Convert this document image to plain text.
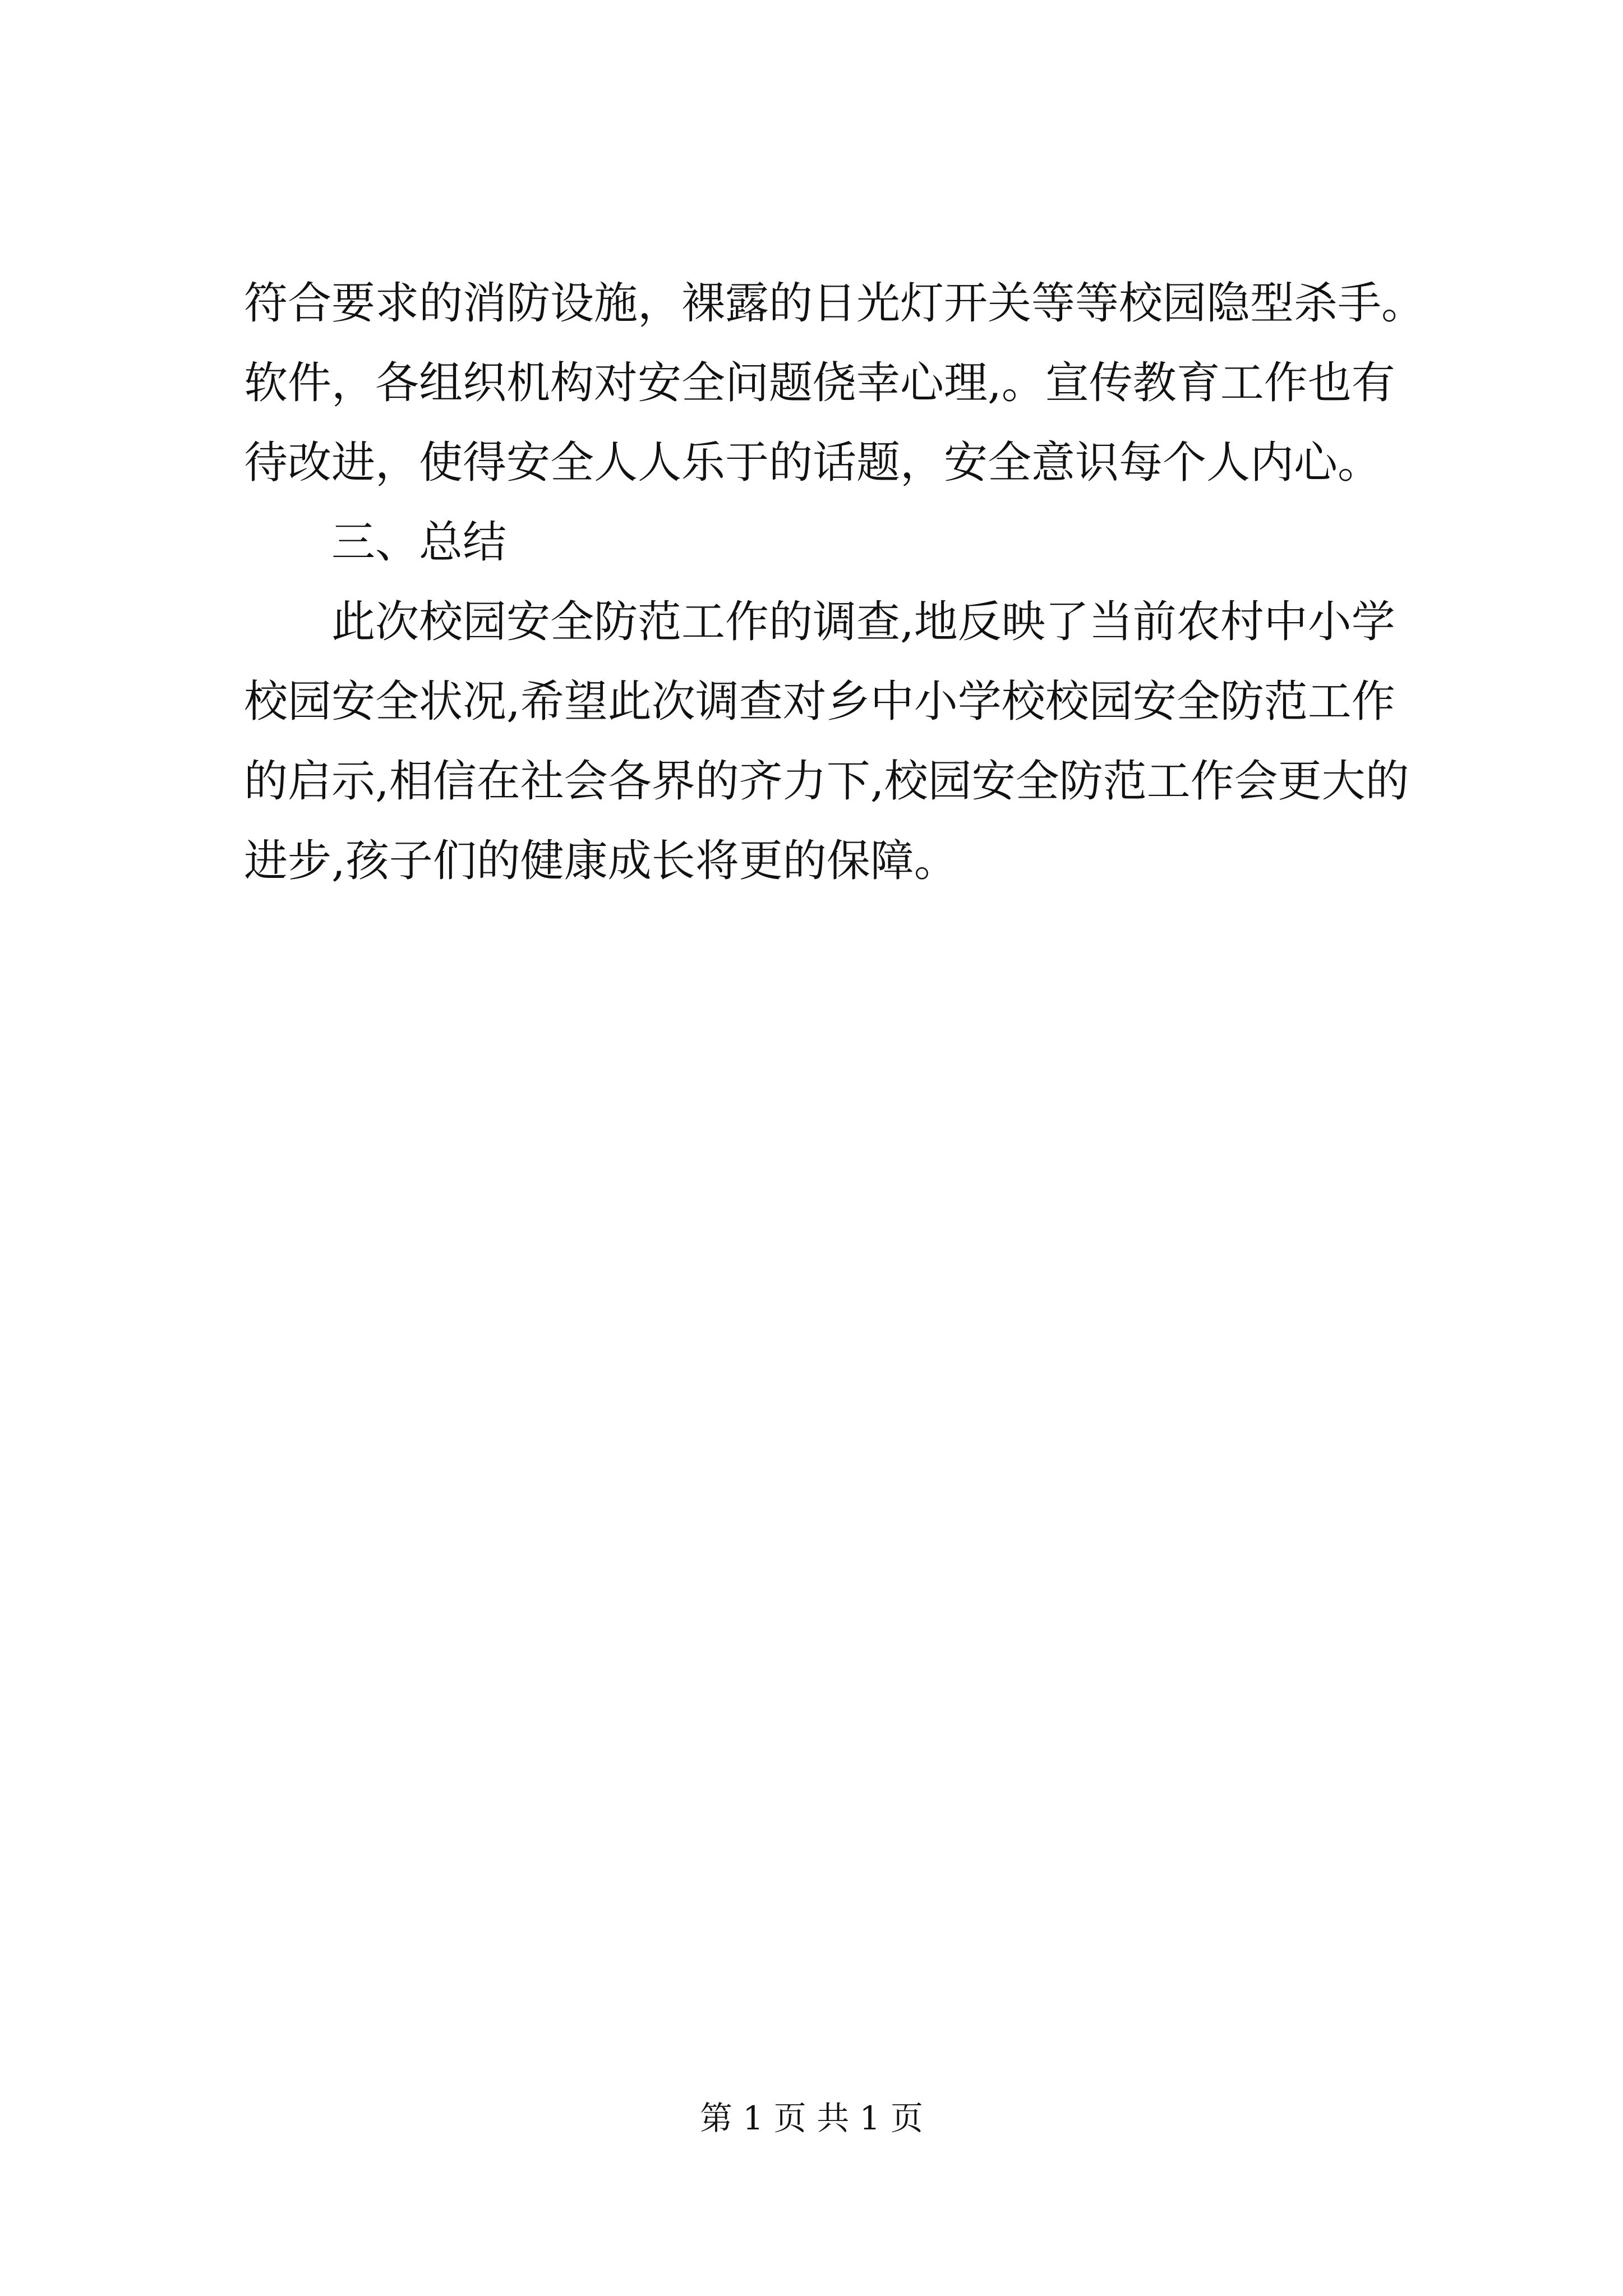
符合要求的消防设施，裸露的日光灯开关等等校园隐型杀手。软件，各组织机构对安全问题侥幸心理,。宣传教育工作也有待改进，使得安全人人乐于的话题，安全意识每个人内心。

三、总结

此次校园安全防范工作的调查,地反映了当前农村中小学校园安全状况,希望此次调查对乡中小学校校园安全防范工作的启示,相信在社会各界的齐力下,校园安全防范工作会更大的进步,孩子们的健康成长将更的保障。

第 1 页 共 1 页
